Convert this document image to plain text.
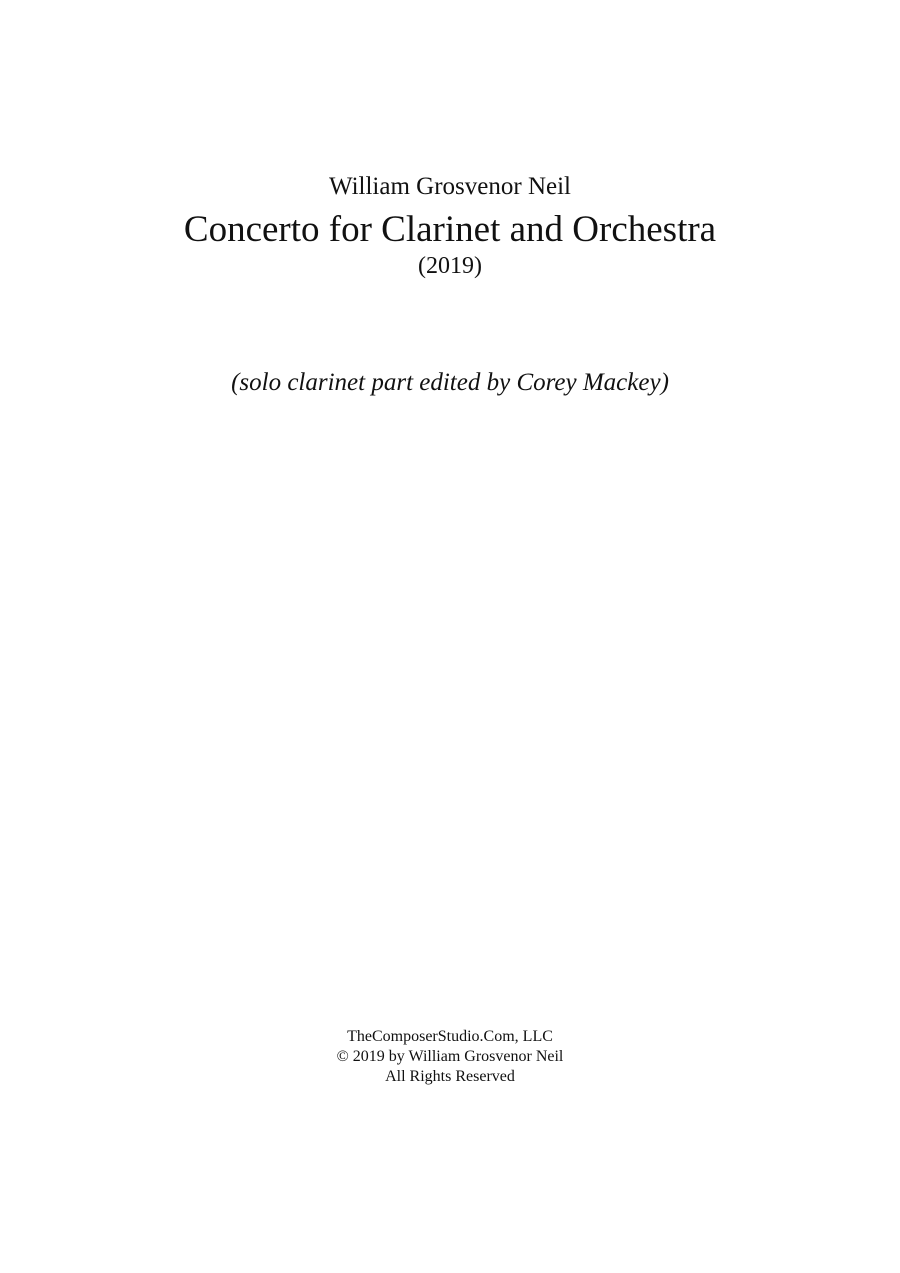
William Grosvenor Neil
Concerto for Clarinet and Orchestra
(2019)
(solo clarinet part edited by Corey Mackey)
TheComposerStudio.Com, LLC
© 2019 by William Grosvenor Neil
All Rights Reserved
